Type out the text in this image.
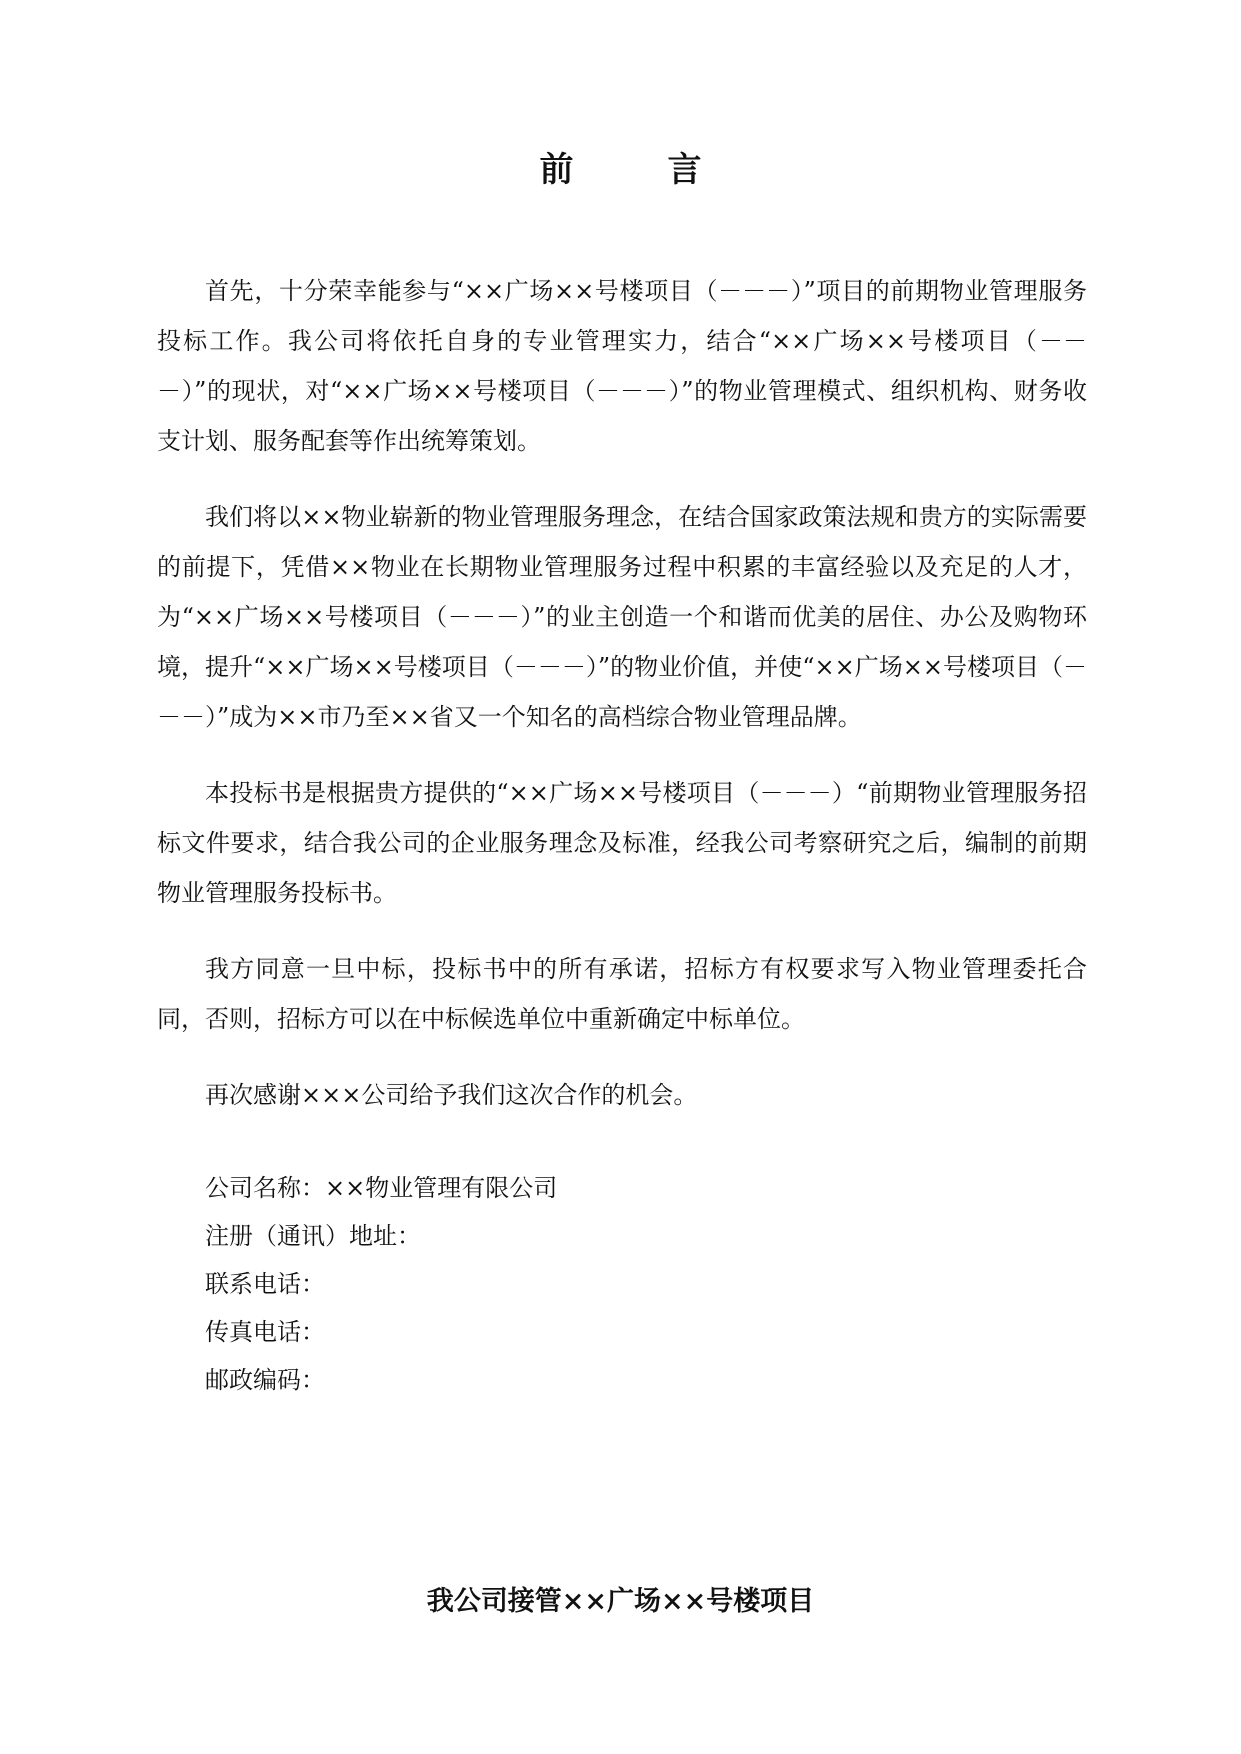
前　言

首先，十分荣幸能参与“××广场××号楼项目（－－－）”项目的前期物业管理服务投标工作。我公司将依托自身的专业管理实力，结合“××广场××号楼项目（－－－）”的现状，对“××广场××号楼项目（－－－）”的物业管理模式、组织机构、财务收支计划、服务配套等作出统筹策划。

我们将以××物业崭新的物业管理服务理念，在结合国家政策法规和贵方的实际需要的前提下，凭借××物业在长期物业管理服务过程中积累的丰富经验以及充足的人才，为“××广场××号楼项目（－－－）”的业主创造一个和谐而优美的居住、办公及购物环境，提升“××广场××号楼项目（－－－）”的物业价值，并使“××广场××号楼项目（－－－）”成为××市乃至××省又一个知名的高档综合物业管理品牌。

本投标书是根据贵方提供的“××广场××号楼项目（－－－）“前期物业管理服务招标文件要求，结合我公司的企业服务理念及标准，经我公司考察研究之后，编制的前期物业管理服务投标书。

我方同意一旦中标，投标书中的所有承诺，招标方有权要求写入物业管理委托合同，否则，招标方可以在中标候选单位中重新确定中标单位。

再次感谢×××公司给予我们这次合作的机会。

公司名称：××物业管理有限公司

注册（通讯）地址：

联系电话：

传真电话：

邮政编码：

我公司接管××广场××号楼项目
